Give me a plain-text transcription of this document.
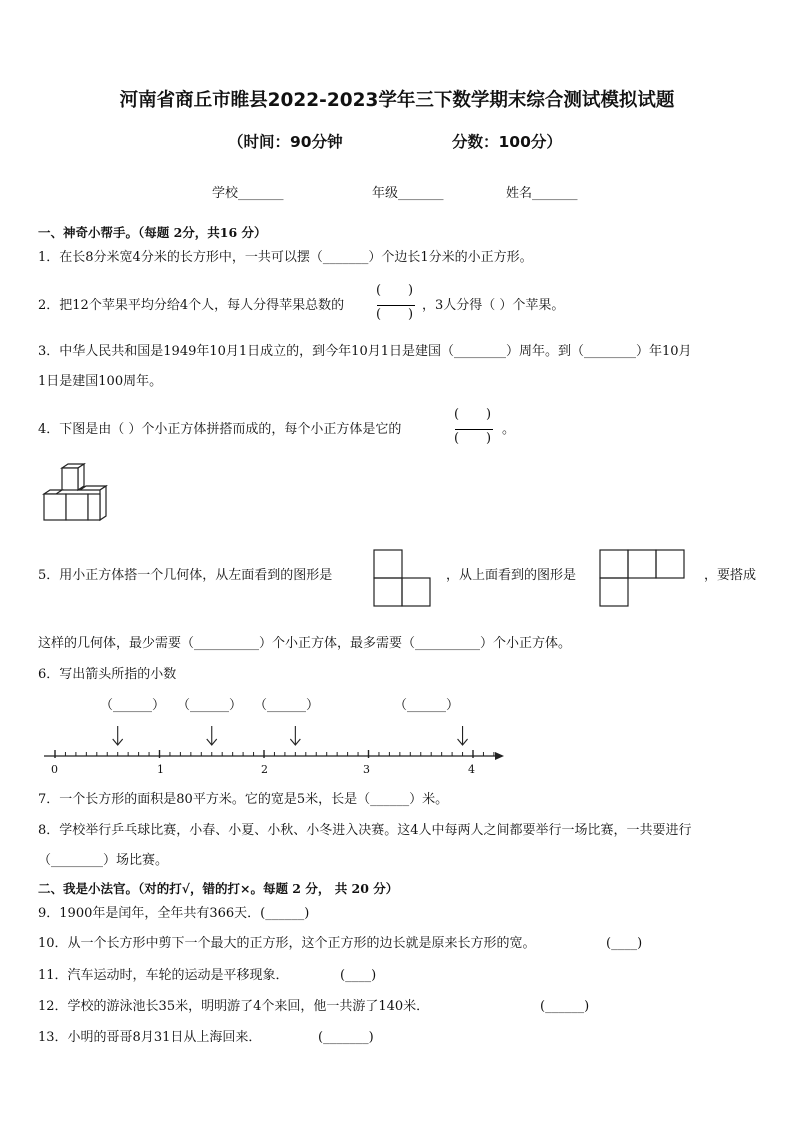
河南省商丘市睢县2022-2023学年三下数学期末综合测试模拟试题
（时间：90分钟	分数：100分）
学校_______	年级_______	姓名_______
一、神奇小帮手。（每题 2分，共16 分）
1．在长8分米宽4分米的长方形中，一共可以摆（_______）个边长1分米的小正方形。
2．把12个苹果平均分给4个人，每人分得苹果总数的
( )
( )
，3人分得（ ）个苹果。
3．中华人民共和国是1949年10月1日成立的，到今年10月1日是建国（________）周年。到（________）年10月
1日是建国100周年。
4．下图是由（ ）个小正方体拼搭而成的，每个小正方体是它的
( )
( )
。
5．用小正方体搭一个几何体，从左面看到的图形是	，从上面看到的图形是	，要搭成
这样的几何体，最少需要（__________）个小正方体，最多需要（__________）个小正方体。
6．写出箭头所指的小数
（______） （______） （______）	（______）
0	1	2	3	4
7．一个长方形的面积是80平方米。它的宽是5米，长是（______）米。
8．学校举行乒乓球比赛，小春、小夏、小秋、小冬进入决赛。这4人中每两人之间都要举行一场比赛，一共要进行
（________）场比赛。
二、我是小法官。（对的打√，错的打×。每题 2 分， 共 20 分）
9．1900年是闰年，全年共有366天．(______)
10．从一个长方形中剪下一个最大的正方形，这个正方形的边长就是原来长方形的宽。	(____)
11．汽车运动时，车轮的运动是平移现象．	(____)
12．学校的游泳池长35米，明明游了4个来回，他一共游了140米．	(______)
13．小明的哥哥8月31日从上海回来．	(_______)
